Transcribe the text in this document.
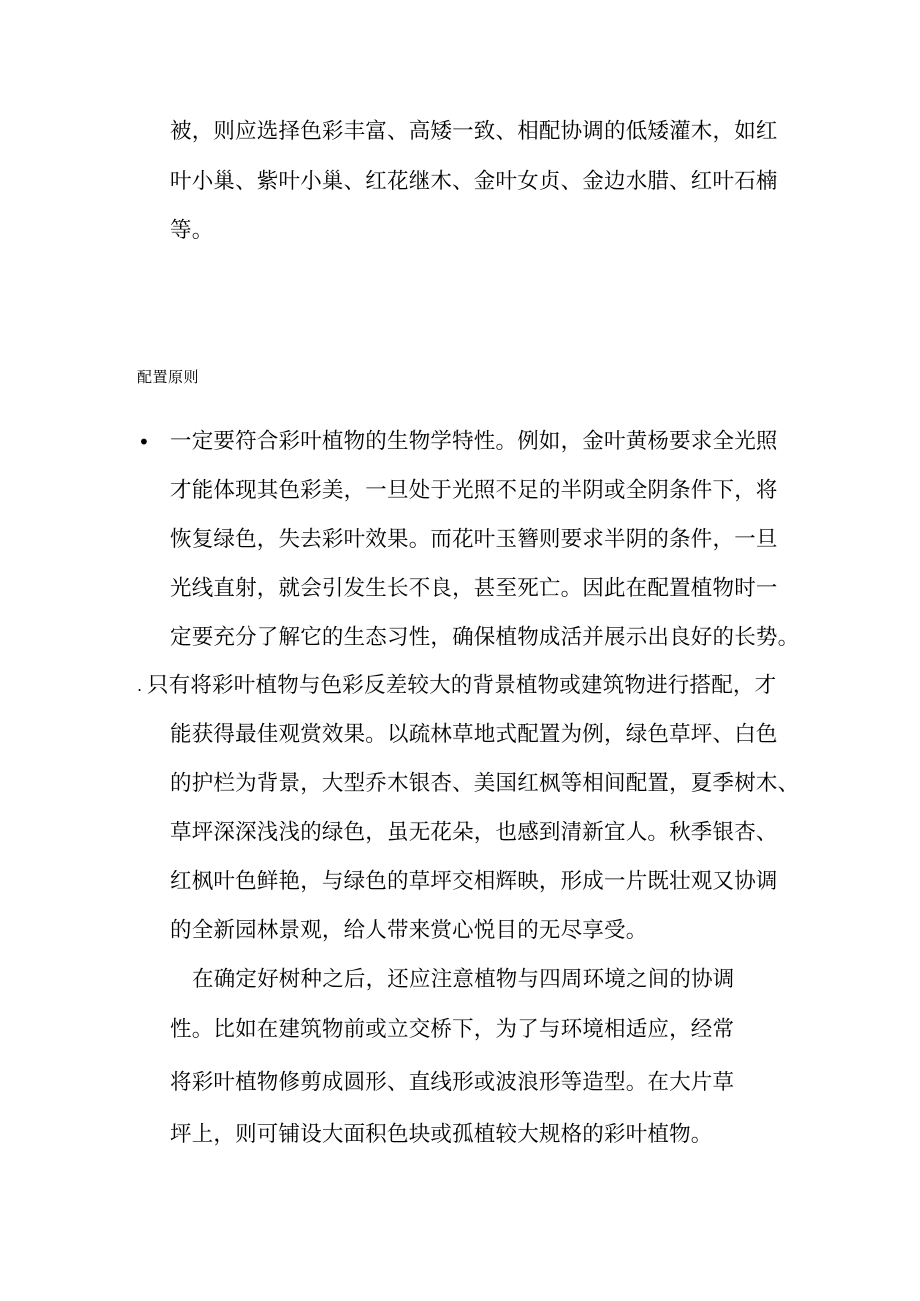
被，则应选择色彩丰富、高矮一致、相配协调的低矮灌木，如红
叶小巢、紫叶小巢、红花继木、金叶女贞、金边水腊、红叶石楠
等。
配置原则
• 一定要符合彩叶植物的生物学特性。例如，金叶黄杨要求全光照
才能体现其色彩美，一旦处于光照不足的半阴或全阴条件下，将
恢复绿色，失去彩叶效果。而花叶玉簪则要求半阴的条件，一旦
光线直射，就会引发生长不良，甚至死亡。因此在配置植物时一
定要充分了解它的生态习性，确保植物成活并展示出良好的长势。
. 只有将彩叶植物与色彩反差较大的背景植物或建筑物进行搭配，才
能获得最佳观赏效果。以疏林草地式配置为例，绿色草坪、白色
的护栏为背景，大型乔木银杏、美国红枫等相间配置，夏季树木、
草坪深深浅浅的绿色，虽无花朵，也感到清新宜人。秋季银杏、
红枫叶色鲜艳，与绿色的草坪交相辉映，形成一片既壮观又协调
的全新园林景观，给人带来赏心悦目的无尽享受。
在确定好树种之后，还应注意植物与四周环境之间的协调
性。比如在建筑物前或立交桥下，为了与环境相适应，经常
将彩叶植物修剪成圆形、直线形或波浪形等造型。在大片草
坪上，则可铺设大面积色块或孤植较大规格的彩叶植物。
